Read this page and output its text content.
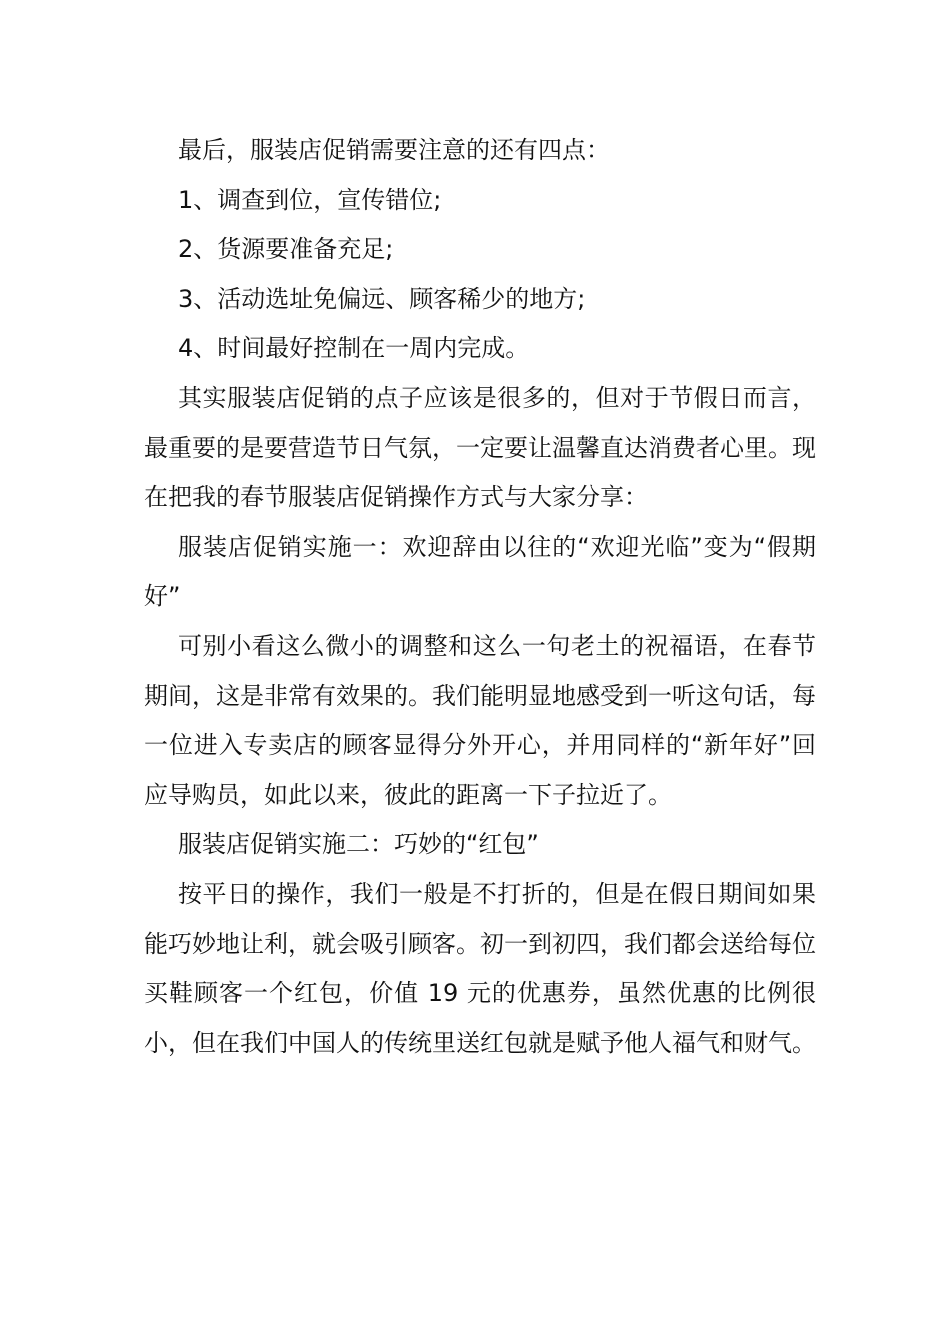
最后，服装店促销需要注意的还有四点：

1、调查到位，宣传错位;

2、货源要准备充足;

3、活动选址免偏远、顾客稀少的地方;

4、时间最好控制在一周内完成。

其实服装店促销的点子应该是很多的，但对于节假日而言，最重要的是要营造节日气氛，一定要让温馨直达消费者心里。现在把我的春节服装店促销操作方式与大家分享：

服装店促销实施一：欢迎辞由以往的“欢迎光临”变为“假期好”

可别小看这么微小的调整和这么一句老土的祝福语，在春节期间，这是非常有效果的。我们能明显地感受到一听这句话，每一位进入专卖店的顾客显得分外开心，并用同样的“新年好”回应导购员，如此以来，彼此的距离一下子拉近了。

服装店促销实施二：巧妙的“红包”

按平日的操作，我们一般是不打折的，但是在假日期间如果能巧妙地让利，就会吸引顾客。初一到初四，我们都会送给每位买鞋顾客一个红包，价值 19 元的优惠券，虽然优惠的比例很小，但在我们中国人的传统里送红包就是赋予他人福气和财气。
